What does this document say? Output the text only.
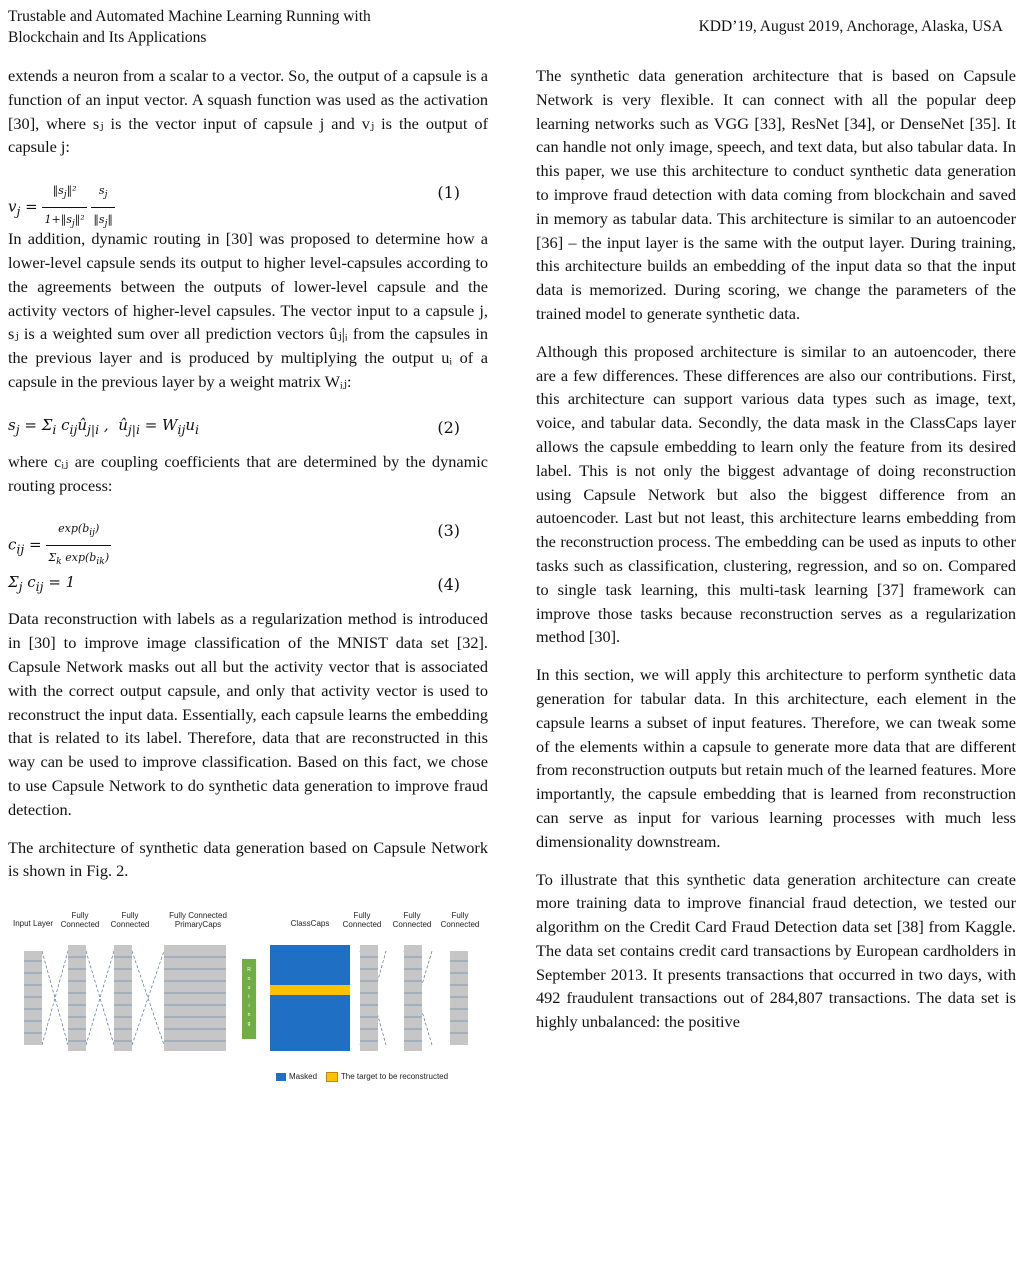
Trustable and Automated Machine Learning Running with
Blockchain and Its Applications
KDD’19, August 2019, Anchorage, Alaska, USA

extends a neuron from a scalar to a vector. So, the output of a capsule is a function of an input vector. A squash function was used as the activation [30], where sⱼ is the vector input of capsule j and vⱼ is the output of capsule j:

$v_j = \frac{‖s_j‖^2}{1+‖s_j‖^2}$
$\frac{s_j}{‖s_j‖}$	(1)

In addition, dynamic routing in [30] was proposed to determine how a lower-level capsule sends its output to higher level-capsules according to the agreements between the outputs of lower-level capsule and the activity vectors of higher-level capsules. The vector input to a capsule j, sⱼ is a weighted sum over all prediction vectors ûⱼ|ᵢ from the capsules in the previous layer and is produced by multiplying the output uᵢ of a capsule in the previous layer by a weight matrix Wᵢⱼ:

$s_j = \Sigma_i$ $c_{ij}û_{j|i}$ ,  $û_{j|i} = W_{ij}u_i$	(2)

where cᵢⱼ are coupling coefficients that are determined by the dynamic routing process:

$c_{ij} = \frac{\exp(b_{ij})}{\Sigma_k \exp(b_{ik})}$	(3)
$\Sigma_j$ $c_{ij} = 1$	(4)

Data reconstruction with labels as a regularization method is introduced in [30] to improve image classification of the MNIST data set [32]. Capsule Network masks out all but the activity vector that is associated with the correct output capsule, and only that activity vector is used to reconstruct the input data. Essentially, each capsule learns the embedding that is related to its label. Therefore, data that are reconstructed in this way can be used to improve classification. Based on this fact, we chose to use Capsule Network to do synthetic data generation to improve fraud detection.

The architecture of synthetic data generation based on Capsule Network is shown in Fig. 2.

Input Layer
Fully Connected
Fully Connected
Fully Connected PrimaryCaps	ClassCaps
Fully Connected
Fully Connected
Fully Connected
R
o
u
t
i
n
g
Masked	The target to be reconstructed

The synthetic data generation architecture that is based on Capsule Network is very flexible. It can connect with all the popular deep learning networks such as VGG [33], ResNet [34], or DenseNet [35]. It can handle not only image, speech, and text data, but also tabular data. In this paper, we use this architecture to conduct synthetic data generation to improve fraud detection with data coming from blockchain and saved in memory as tabular data. This architecture is similar to an autoencoder [36] – the input layer is the same with the output layer. During training, this architecture builds an embedding of the input data so that the input data is memorized. During scoring, we change the parameters of the trained model to generate synthetic data.

Although this proposed architecture is similar to an autoencoder, there are a few differences. These differences are also our contributions. First, this architecture can support various data types such as image, text, voice, and tabular data. Secondly, the data mask in the ClassCaps layer allows the capsule embedding to learn only the feature from its desired label. This is not only the biggest advantage of doing reconstruction using Capsule Network but also the biggest difference from an autoencoder. Last but not least, this architecture learns embedding from the reconstruction process. The embedding can be used as inputs to other tasks such as classification, clustering, regression, and so on. Compared to single task learning, this multi-task learning [37] framework can improve those tasks because reconstruction serves as a regularization method [30].

In this section, we will apply this architecture to perform synthetic data generation for tabular data. In this architecture, each element in the capsule learns a subset of input features. Therefore, we can tweak some of the elements within a capsule to generate more data that are different from reconstruction outputs but retain much of the learned features. More importantly, the capsule embedding that is learned from reconstruction can serve as input for various learning processes with much less dimensionality downstream.

To illustrate that this synthetic data generation architecture can create more training data to improve financial fraud detection, we tested our algorithm on the Credit Card Fraud Detection data set [38] from Kaggle. The data set contains credit card transactions by European cardholders in September 2013. It presents transactions that occurred in two days, with 492 fraudulent transactions out of 284,807 transactions. The data set is highly unbalanced: the positive
